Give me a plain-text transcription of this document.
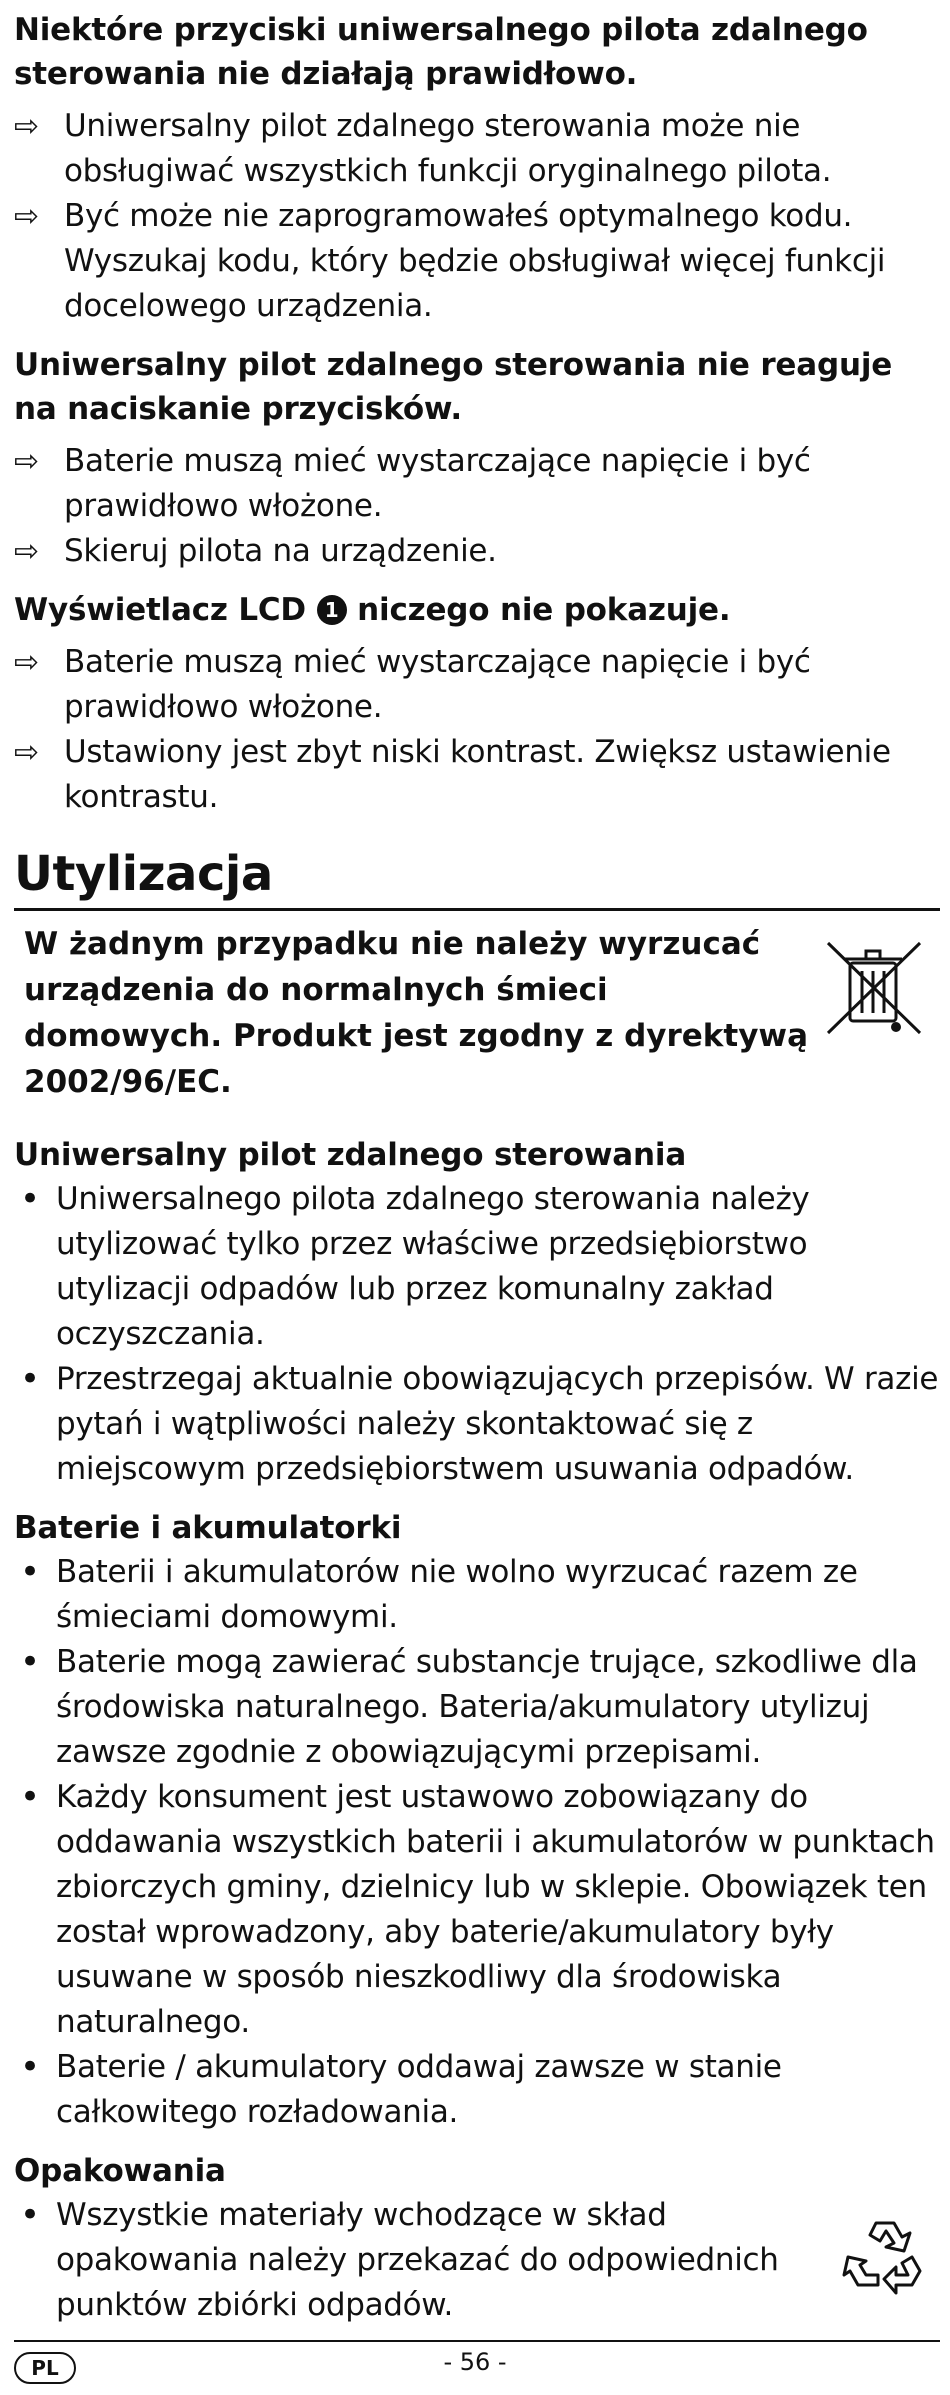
Niektóre przyciski uniwersalnego pilota zdalnego sterowania nie działają prawidłowo.

⇨ Uniwersalny pilot zdalnego sterowania może nie obsługiwać wszystkich funkcji oryginalnego pilota.
⇨ Być może nie zaprogramowałeś optymalnego kodu. Wyszukaj kodu, który będzie obsługiwał więcej funkcji docelowego urządzenia.

Uniwersalny pilot zdalnego sterowania nie reaguje na naciskanie przycisków.

⇨ Baterie muszą mieć wystarczające napięcie i być prawidłowo włożone.
⇨ Skieruj pilota na urządzenie.

Wyświetlacz LCD 1 niczego nie pokazuje.

⇨ Baterie muszą mieć wystarczające napięcie i być prawidłowo włożone.
⇨ Ustawiony jest zbyt niski kontrast. Zwiększ ustawienie kontrastu.
Utylizacja
W żadnym przypadku nie należy wyrzucać urządzenia do normalnych śmieci domowych. Produkt jest zgodny z dyrektywą 2002/96/EC.

Uniwersalny pilot zdalnego sterowania

• Uniwersalnego pilota zdalnego sterowania należy utylizować tylko przez właściwe przedsiębiorstwo utylizacji odpadów lub przez komunalny zakład oczyszczania.
• Przestrzegaj aktualnie obowiązujących przepisów. W razie pytań i wątpliwości należy skontaktować się z miejscowym przedsiębiorstwem usuwania odpadów.

Baterie i akumulatorki

• Baterii i akumulatorów nie wolno wyrzucać razem ze śmieciami domowymi.
• Baterie mogą zawierać substancje trujące, szkodliwe dla środowiska naturalnego. Bateria/akumulatory utylizuj zawsze zgodnie z obowiązującymi przepisami.
• Każdy konsument jest ustawowo zobowiązany do oddawania wszystkich baterii i akumulatorów w punktach zbiorczych gminy, dzielnicy lub w sklepie. Obowiązek ten został wprowadzony, aby baterie/akumulatory były usuwane w sposób nieszkodliwy dla środowiska naturalnego.
• Baterie / akumulatory oddawaj zawsze w stanie całkowitego rozładowania.

Opakowania

• Wszystkie materiały wchodzące w skład opakowania należy przekazać do odpowiednich punktów zbiórki odpadów.
PL	- 56 -
